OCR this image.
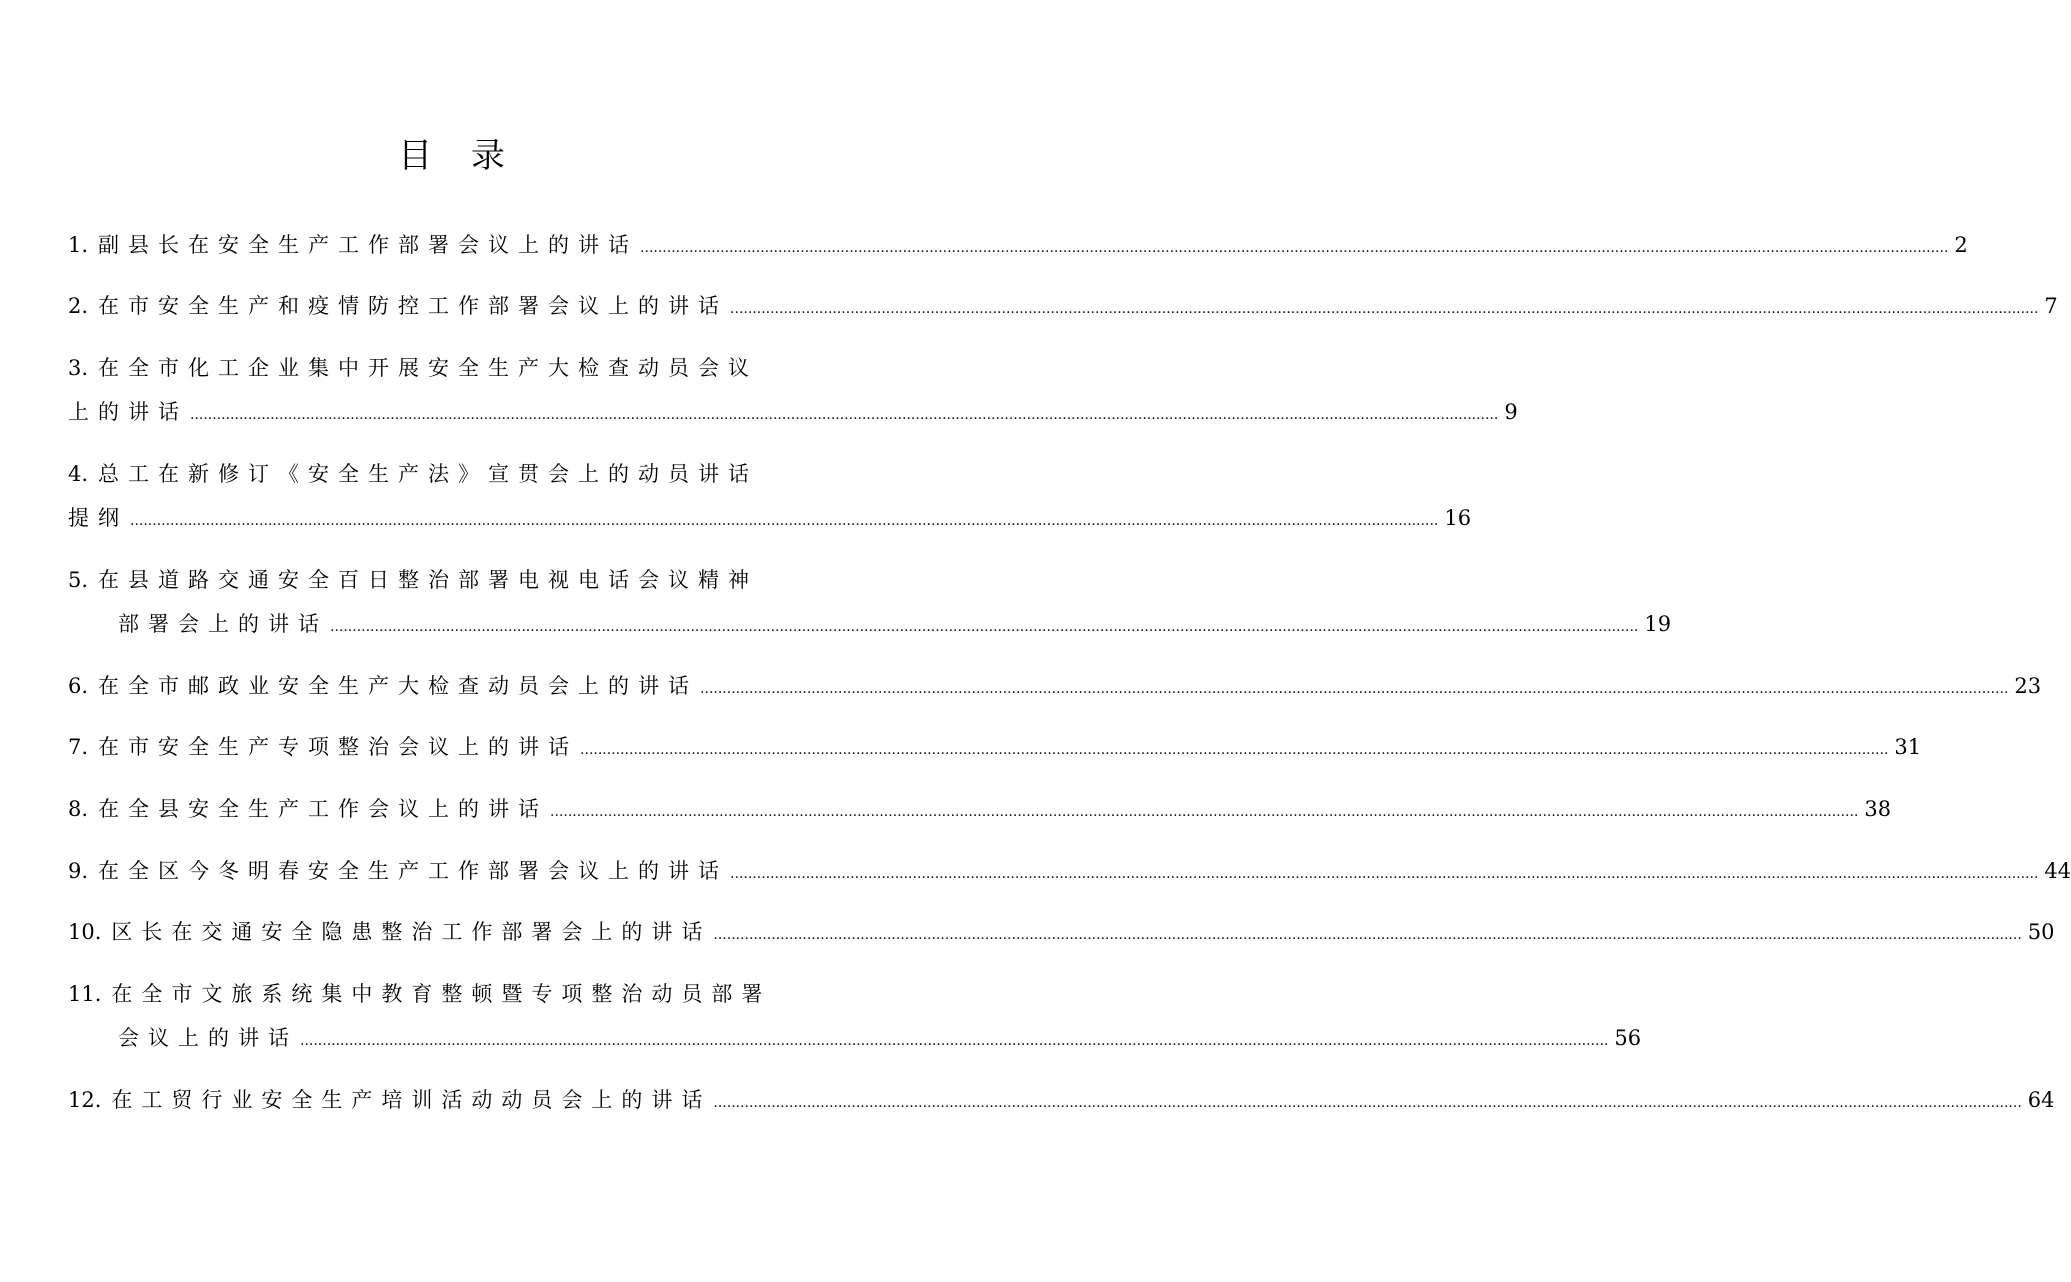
目 录
1. 副县长在安全生产工作部署会议上的讲话 .....	2
2. 在市安全生产和疫情防控工作部署会议上的讲话 .....	7
3. 在全市化工企业集中开展安全生产大检查动员会议
上的讲话 .....	9
4. 总工在新修订《安全生产法》宣贯会上的动员讲话
提纲 .....	16
5. 在县道路交通安全百日整治部署电视电话会议精神
部署会上的讲话 .....	19
6. 在全市邮政业安全生产大检查动员会上的讲话 .....	23
7. 在市安全生产专项整治会议上的讲话 .....	31
8. 在全县安全生产工作会议上的讲话 .....	38
9. 在全区今冬明春安全生产工作部署会议上的讲话 .....	44
10. 区长在交通安全隐患整治工作部署会上的讲话 .....	50
11. 在全市文旅系统集中教育整顿暨专项整治动员部署
会议上的讲话 .....	56
12. 在工贸行业安全生产培训活动动员会上的讲话 .....	64
